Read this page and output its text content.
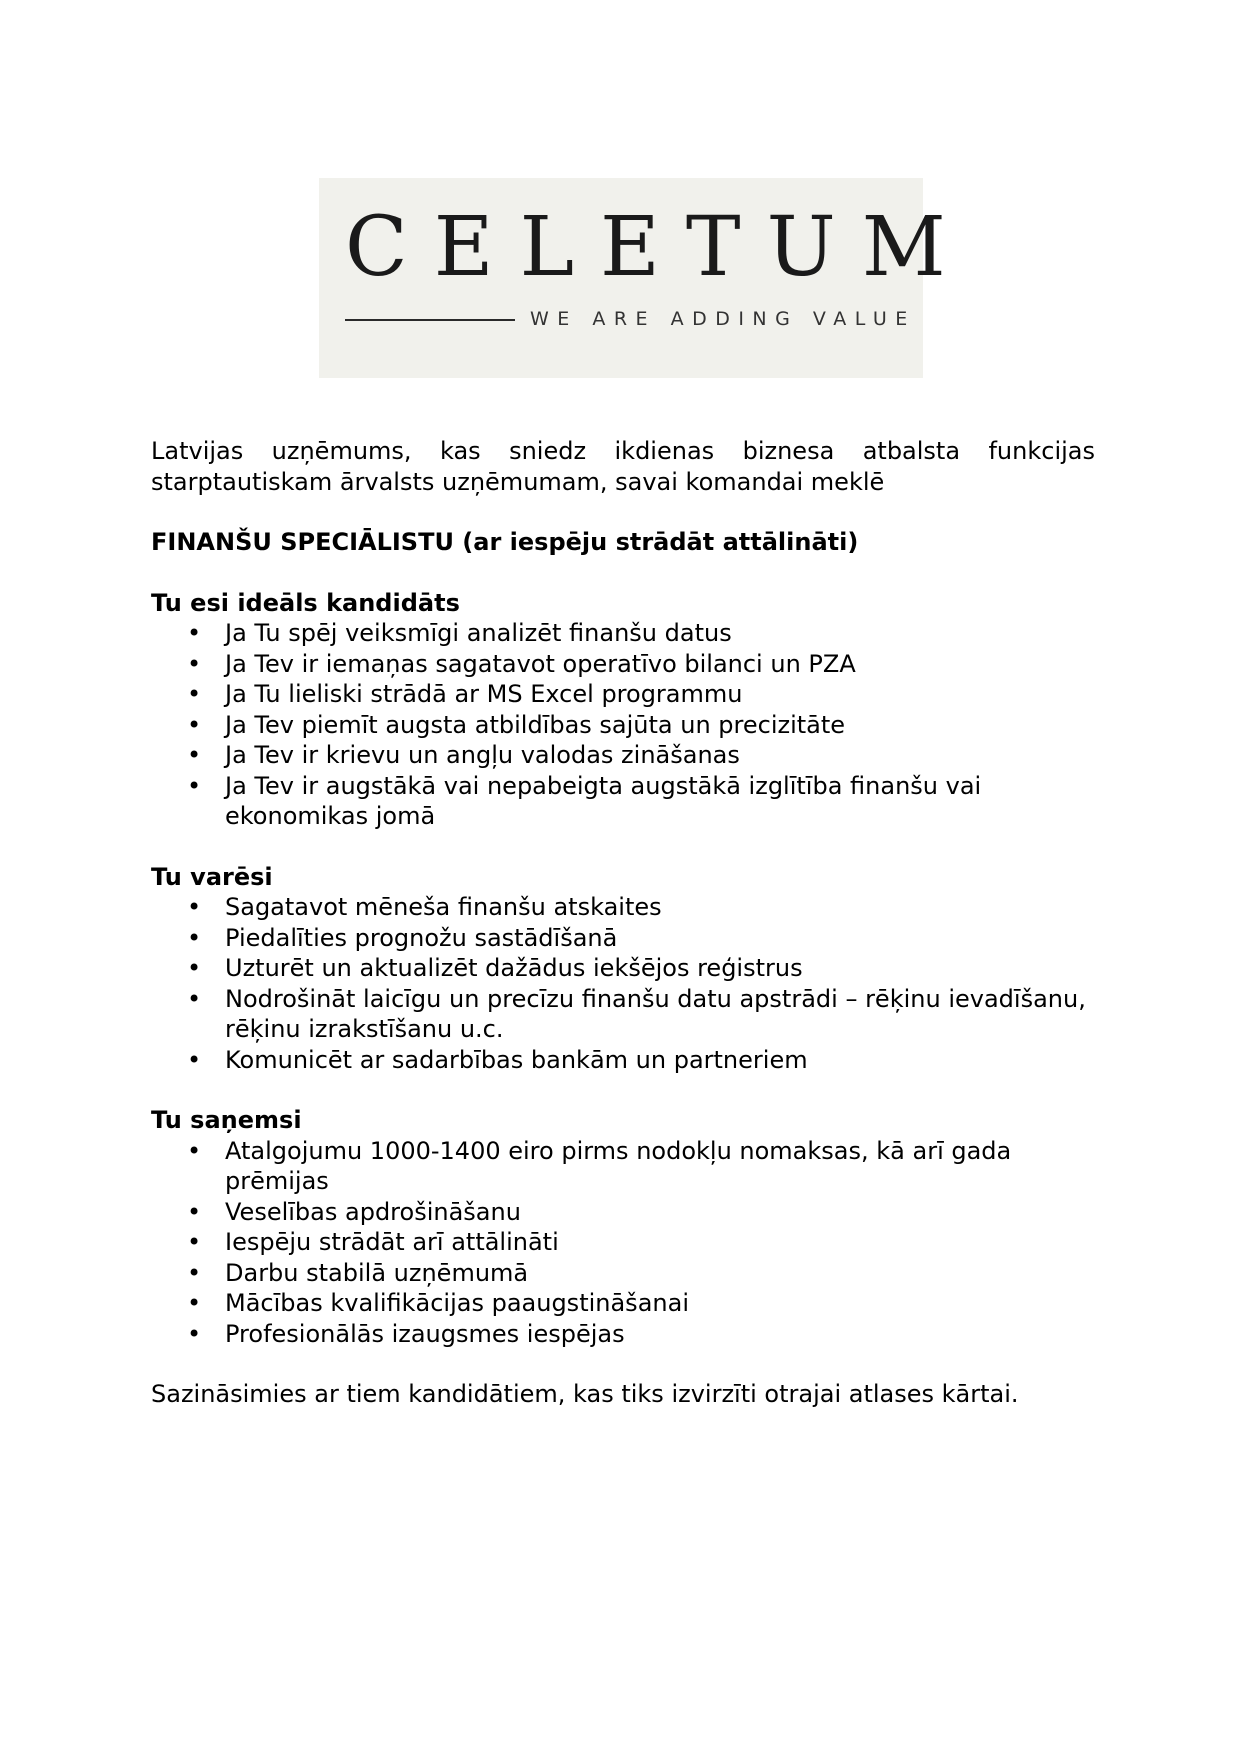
CELETUM
WE ARE ADDING VALUE

Latvijas uzņēmums, kas sniedz ikdienas biznesa atbalsta funkcijas starptautiskam ārvalsts uzņēmumam, savai komandai meklē

FINANŠU SPECIĀLISTU (ar iespēju strādāt attālināti)

Tu esi ideāls kandidāts

• Ja Tu spēj veiksmīgi analizēt finanšu datus
• Ja Tev ir iemaņas sagatavot operatīvo bilanci un PZA
• Ja Tu lieliski strādā ar MS Excel programmu
• Ja Tev piemīt augsta atbildības sajūta un precizitāte
• Ja Tev ir krievu un angļu valodas zināšanas
• Ja Tev ir augstākā vai nepabeigta augstākā izglītība finanšu vai ekonomikas jomā

Tu varēsi

• Sagatavot mēneša finanšu atskaites
• Piedalīties prognožu sastādīšanā
• Uzturēt un aktualizēt dažādus iekšējos reģistrus
• Nodrošināt laicīgu un precīzu finanšu datu apstrādi – rēķinu ievadīšanu, rēķinu izrakstīšanu u.c.
• Komunicēt ar sadarbības bankām un partneriem

Tu saņemsi

• Atalgojumu 1000-1400 eiro pirms nodokļu nomaksas, kā arī gada prēmijas
• Veselības apdrošināšanu
• Iespēju strādāt arī attālināti
• Darbu stabilā uzņēmumā
• Mācības kvalifikācijas paaugstināšanai
• Profesionālās izaugsmes iespējas

Sazināsimies ar tiem kandidātiem, kas tiks izvirzīti otrajai atlases kārtai.
